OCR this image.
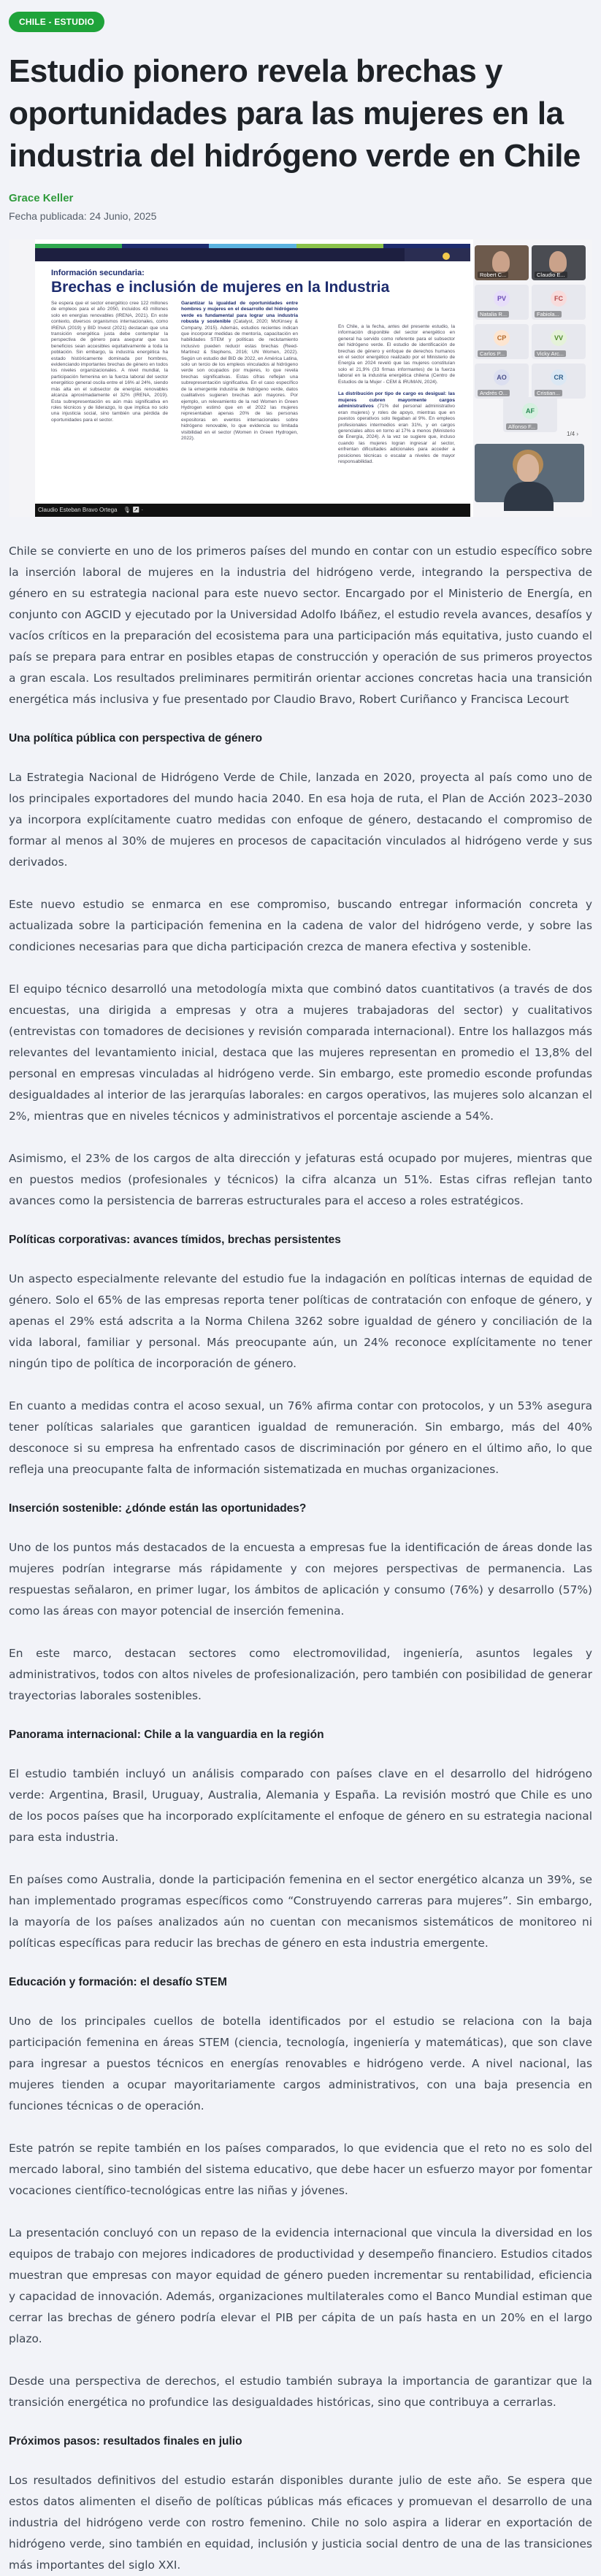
CHILE - ESTUDIO
Estudio pionero revela brechas y oportunidades para las mujeres en la industria del hidrógeno verde en Chile
Grace Keller
Fecha publicada: 24 Junio, 2025
Información secundaria:
Brechas e inclusión de mujeres en la Industria
Se espera que el sector energético cree 122 millones de empleos para el año 2050, incluidos 43 millones solo en energías renovables (IRENA, 2021). En este contexto, diversos organismos internacionales, como IRENA (2019) y BID Invest (2021) destacan que una transición energética justa debe contemplar la perspectiva de género para asegurar que sus beneficios sean accesibles equitativamente a toda la población. Sin embargo, la industria energética ha estado históricamente dominada por hombres, evidenciando importantes brechas de género en todos los niveles organizacionales. A nivel mundial, la participación femenina en la fuerza laboral del sector energético general oscila entre el 16% al 24%, siendo más alta en el subsector de energías renovables alcanza aproximadamente el 32% (IRENA, 2019). Esta subrepresentación es aún más significativa en roles técnicos y de liderazgo, lo que implica no solo una injusticia social, sino también una pérdida de oportunidades para el sector.
Garantizar la igualdad de oportunidades entre hombres y mujeres en el desarrollo del hidrógeno verde es fundamental para lograr una industria robusta y sostenible (Catalyst, 2020; McKinsey & Company, 2015). Además, estudios recientes indican que incorporar medidas de mentoría, capacitación en habilidades STEM y políticas de reclutamiento inclusivo pueden reducir estas brechas (Reed-Martinez & Stephens, 2016; UN Women, 2022). Según un estudio del BID de 2022, en América Latina, solo un tercio de los empleos vinculados al hidrógeno verde son ocupados por mujeres, lo que revela brechas significativas. Estas cifras reflejan una subrepresentación significativa. En el caso específico de la emergente industria de hidrógeno verde, datos cualitativos sugieren brechas aún mayores. Por ejemplo, un relevamiento de la red Women in Green Hydrogen estimó que en el 2022 las mujeres representaban apenas 20% de las personas expositoras en eventos internacionales sobre hidrógeno renovable, lo que evidencia su limitada visibilidad en el sector (Women in Green Hydrogen, 2022).
En Chile, a la fecha, antes del presente estudio, la información disponible del sector energético en general ha servido como referente para el subsector del hidrógeno verde. El estudio de identificación de brechas de género y enfoque de derechos humanos en el sector energético realizado por el Ministerio de Energía en 2024 reveló que las mujeres constituían solo el 21,9% (33 firmas informantes) de la fuerza laboral en la industria energética chilena (Centro de Estudios de la Mujer - CEM & IRUMAN, 2024).

La distribución por tipo de cargo es desigual: las mujeres cubren mayormente cargos administrativos (71% del personal administrativo eran mujeres) y roles de apoyo, mientras que en puestos operativos solo llegaban al 9%. En empleos profesionales intermedios eran 31%, y en cargos gerenciales altos en torno al 17% a menos (Ministerio de Energía, 2024). A la vez se sugiere que, incluso cuando las mujeres logran ingresar al sector, enfrentan dificultades adicionales para acceder a posiciones técnicas o escalar a niveles de mayor responsabilidad.
Claudio Esteban Bravo Ortega 🎙 ↗ ·
Robert C...	Claudio E...
PV
Natalia R...
FC
Fabiola...
CP
Carlos P...
VV
Vicky Arc...
AO
Andrés O...
CR
Cristian...
AF
Alfonso F...
1/4 ›

Chile se convierte en uno de los primeros países del mundo en contar con un estudio específico sobre la inserción laboral de mujeres en la industria del hidrógeno verde, integrando la perspectiva de género en su estrategia nacional para este nuevo sector. Encargado por el Ministerio de Energía, en conjunto con AGCID y ejecutado por la Universidad Adolfo Ibáñez, el estudio revela avances, desafíos y vacíos críticos en la preparación del ecosistema para una participación más equitativa, justo cuando el país se prepara para entrar en posibles etapas de construcción y operación de sus primeros proyectos a gran escala. Los resultados preliminares permitirán orientar acciones concretas hacia una transición energética más inclusiva y fue presentado por Claudio Bravo, Robert Curiñanco y Francisca Lecourt

Una política pública con perspectiva de género

La Estrategia Nacional de Hidrógeno Verde de Chile, lanzada en 2020, proyecta al país como uno de los principales exportadores del mundo hacia 2040. En esa hoja de ruta, el Plan de Acción 2023–2030 ya incorpora explícitamente cuatro medidas con enfoque de género, destacando el compromiso de formar al menos al 30% de mujeres en procesos de capacitación vinculados al hidrógeno verde y sus derivados.

Este nuevo estudio se enmarca en ese compromiso, buscando entregar información concreta y actualizada sobre la participación femenina en la cadena de valor del hidrógeno verde, y sobre las condiciones necesarias para que dicha participación crezca de manera efectiva y sostenible.

El equipo técnico desarrolló una metodología mixta que combinó datos cuantitativos (a través de dos encuestas, una dirigida a empresas y otra a mujeres trabajadoras del sector) y cualitativos (entrevistas con tomadores de decisiones y revisión comparada internacional). Entre los hallazgos más relevantes del levantamiento inicial, destaca que las mujeres representan en promedio el 13,8% del personal en empresas vinculadas al hidrógeno verde. Sin embargo, este promedio esconde profundas desigualdades al interior de las jerarquías laborales: en cargos operativos, las mujeres solo alcanzan el 2%, mientras que en niveles técnicos y administrativos el porcentaje asciende a 54%.

Asimismo, el 23% de los cargos de alta dirección y jefaturas está ocupado por mujeres, mientras que en puestos medios (profesionales y técnicos) la cifra alcanza un 51%. Estas cifras reflejan tanto avances como la persistencia de barreras estructurales para el acceso a roles estratégicos.

Políticas corporativas: avances tímidos, brechas persistentes

Un aspecto especialmente relevante del estudio fue la indagación en políticas internas de equidad de género. Solo el 65% de las empresas reporta tener políticas de contratación con enfoque de género, y apenas el 29% está adscrita a la Norma Chilena 3262 sobre igualdad de género y conciliación de la vida laboral, familiar y personal. Más preocupante aún, un 24% reconoce explícitamente no tener ningún tipo de política de incorporación de género.

En cuanto a medidas contra el acoso sexual, un 76% afirma contar con protocolos, y un 53% asegura tener políticas salariales que garanticen igualdad de remuneración. Sin embargo, más del 40% desconoce si su empresa ha enfrentado casos de discriminación por género en el último año, lo que refleja una preocupante falta de información sistematizada en muchas organizaciones.

Inserción sostenible: ¿dónde están las oportunidades?

Uno de los puntos más destacados de la encuesta a empresas fue la identificación de áreas donde las mujeres podrían integrarse más rápidamente y con mejores perspectivas de permanencia. Las respuestas señalaron, en primer lugar, los ámbitos de aplicación y consumo (76%) y desarrollo (57%) como las áreas con mayor potencial de inserción femenina.

En este marco, destacan sectores como electromovilidad, ingeniería, asuntos legales y administrativos, todos con altos niveles de profesionalización, pero también con posibilidad de generar trayectorias laborales sostenibles.

Panorama internacional: Chile a la vanguardia en la región

El estudio también incluyó un análisis comparado con países clave en el desarrollo del hidrógeno verde: Argentina, Brasil, Uruguay, Australia, Alemania y España. La revisión mostró que Chile es uno de los pocos países que ha incorporado explícitamente el enfoque de género en su estrategia nacional para esta industria.

En países como Australia, donde la participación femenina en el sector energético alcanza un 39%, se han implementado programas específicos como “Construyendo carreras para mujeres”. Sin embargo, la mayoría de los países analizados aún no cuentan con mecanismos sistemáticos de monitoreo ni políticas específicas para reducir las brechas de género en esta industria emergente.

Educación y formación: el desafío STEM

Uno de los principales cuellos de botella identificados por el estudio se relaciona con la baja participación femenina en áreas STEM (ciencia, tecnología, ingeniería y matemáticas), que son clave para ingresar a puestos técnicos en energías renovables e hidrógeno verde. A nivel nacional, las mujeres tienden a ocupar mayoritariamente cargos administrativos, con una baja presencia en funciones técnicas o de operación.

Este patrón se repite también en los países comparados, lo que evidencia que el reto no es solo del mercado laboral, sino también del sistema educativo, que debe hacer un esfuerzo mayor por fomentar vocaciones científico-tecnológicas entre las niñas y jóvenes.

La presentación concluyó con un repaso de la evidencia internacional que vincula la diversidad en los equipos de trabajo con mejores indicadores de productividad y desempeño financiero. Estudios citados muestran que empresas con mayor equidad de género pueden incrementar su rentabilidad, eficiencia y capacidad de innovación. Además, organizaciones multilaterales como el Banco Mundial estiman que cerrar las brechas de género podría elevar el PIB per cápita de un país hasta en un 20% en el largo plazo.

Desde una perspectiva de derechos, el estudio también subraya la importancia de garantizar que la transición energética no profundice las desigualdades históricas, sino que contribuya a cerrarlas.

Próximos pasos: resultados finales en julio

Los resultados definitivos del estudio estarán disponibles durante julio de este año. Se espera que estos datos alimenten el diseño de políticas públicas más eficaces y promuevan el desarrollo de una industria del hidrógeno verde con rostro femenino. Chile no solo aspira a liderar en exportación de hidrógeno verde, sino también en equidad, inclusión y justicia social dentro de una de las transiciones más importantes del siglo XXI.
